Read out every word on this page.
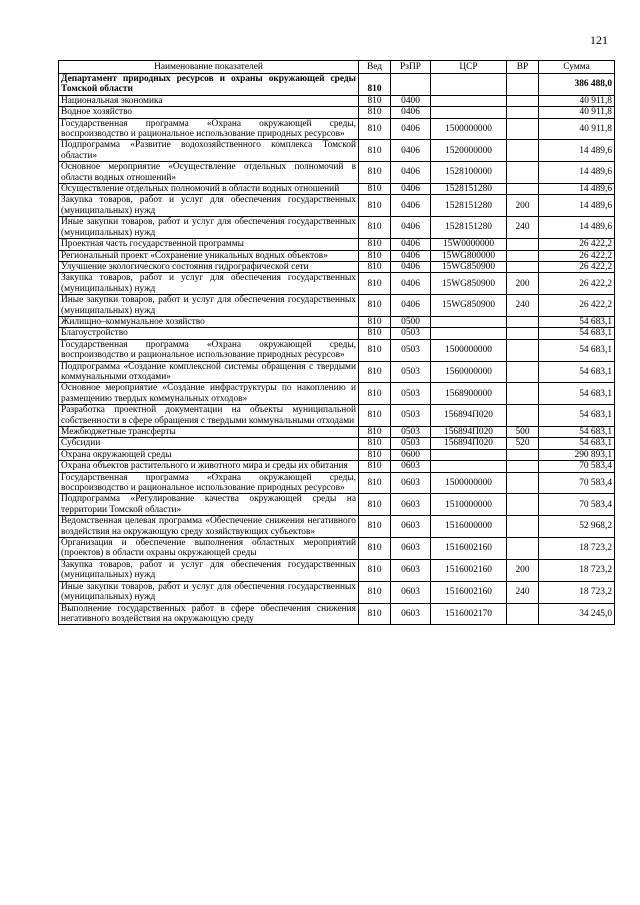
121
Наименование показателей	Вед	РзПР	ЦСР	ВР	Сумма
Департамент природных ресурсов и охраны окружающей среды Томской области	810				386 488,0
Национальная экономика	810	0400			40 911,8
Водное хозяйство	810	0406			40 911,8
Государственная программа «Охрана окружающей среды, воспроизводство и рациональное использование природных ресурсов»	810	0406	1500000000		40 911,8
Подпрограмма «Развитие водохозяйственного комплекса Томской области»	810	0406	1520000000		14 489,6
Основное мероприятие «Осуществление отдельных полномочий в области водных отношений»	810	0406	1528100000		14 489,6
Осуществление отдельных полномочий в области водных отношений	810	0406	1528151280		14 489,6
Закупка товаров, работ и услуг для обеспечения государственных (муниципальных) нужд	810	0406	1528151280	200	14 489,6
Иные закупки товаров, работ и услуг для обеспечения государственных (муниципальных) нужд	810	0406	1528151280	240	14 489,6
Проектная часть государственной программы	810	0406	15W0000000		26 422,2
Региональный проект «Сохранение уникальных водных объектов»	810	0406	15WG800000		26 422,2
Улучшение экологического состояния гидрографической сети	810	0406	15WG850900		26 422,2
Закупка товаров, работ и услуг для обеспечения государственных (муниципальных) нужд	810	0406	15WG850900	200	26 422,2
Иные закупки товаров, работ и услуг для обеспечения государственных (муниципальных) нужд	810	0406	15WG850900	240	26 422,2
Жилищно–коммунальное хозяйство	810	0500			54 683,1
Благоустройство	810	0503			54 683,1
Государственная программа «Охрана окружающей среды, воспроизводство и рациональное использование природных ресурсов»	810	0503	1500000000		54 683,1
Подпрограмма «Создание комплексной системы обращения с твердыми коммунальными отходами»	810	0503	1560000000		54 683,1
Основное мероприятие «Создание инфраструктуры по накоплению и размещению твердых коммунальных отходов»	810	0503	1568900000		54 683,1
Разработка проектной документации на объекты муниципальной собственности в сфере обращения с твердыми коммунальными отходами	810	0503	156894П020		54 683,1
Межбюджетные трансферты	810	0503	156894П020	500	54 683,1
Субсидии	810	0503	156894П020	520	54 683,1
Охрана окружающей среды	810	0600			290 893,1
Охрана объектов растительного и животного мира и среды их обитания	810	0603			70 583,4
Государственная программа «Охрана окружающей среды, воспроизводство и рациональное использование природных ресурсов»	810	0603	1500000000		70 583,4
Подпрограмма «Регулирование качества окружающей среды на территории Томской области»	810	0603	1510000000		70 583,4
Ведомственная целевая программа «Обеспечение снижения негативного воздействия на окружающую среду хозяйствующих субъектов»	810	0603	1516000000		52 968,2
Организация и обеспечение выполнения областных мероприятий (проектов) в области охраны окружающей среды	810	0603	1516002160		18 723,2
Закупка товаров, работ и услуг для обеспечения государственных (муниципальных) нужд	810	0603	1516002160	200	18 723,2
Иные закупки товаров, работ и услуг для обеспечения государственных (муниципальных) нужд	810	0603	1516002160	240	18 723,2
Выполнение государственных работ в сфере обеспечения снижения негативного воздействия на окружающую среду	810	0603	1516002170		34 245,0
